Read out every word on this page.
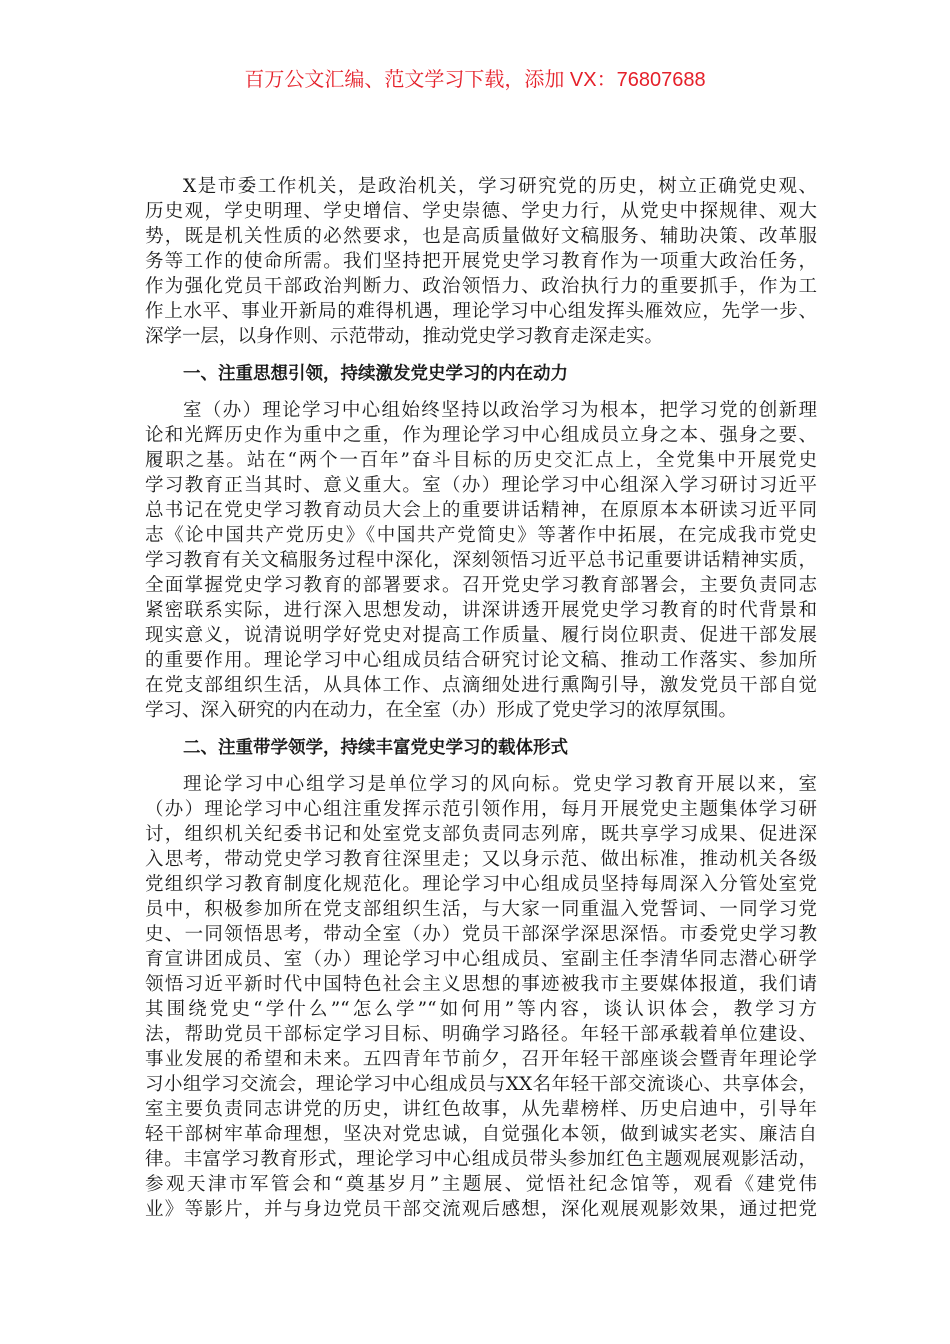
百万公文汇编、范文学习下载，添加 VX：76807688
X是市委工作机关，是政治机关，学习研究党的历史，树立正确党史观、
历史观，学史明理、学史增信、学史崇德、学史力行，从党史中探规律、观大
势，既是机关性质的必然要求，也是高质量做好文稿服务、辅助决策、改革服
务等工作的使命所需。我们坚持把开展党史学习教育作为一项重大政治任务，
作为强化党员干部政治判断力、政治领悟力、政治执行力的重要抓手，作为工
作上水平、事业开新局的难得机遇，理论学习中心组发挥头雁效应，先学一步、
深学一层，以身作则、示范带动，推动党史学习教育走深走实。
一、注重思想引领，持续激发党史学习的内在动力
室（办）理论学习中心组始终坚持以政治学习为根本，把学习党的创新理
论和光辉历史作为重中之重，作为理论学习中心组成员立身之本、强身之要、
履职之基。站在“两个一百年”奋斗目标的历史交汇点上，全党集中开展党史
学习教育正当其时、意义重大。室（办）理论学习中心组深入学习研讨习近平
总书记在党史学习教育动员大会上的重要讲话精神，在原原本本研读习近平同
志《论中国共产党历史》《中国共产党简史》等著作中拓展，在完成我市党史
学习教育有关文稿服务过程中深化，深刻领悟习近平总书记重要讲话精神实质，
全面掌握党史学习教育的部署要求。召开党史学习教育部署会，主要负责同志
紧密联系实际，进行深入思想发动，讲深讲透开展党史学习教育的时代背景和
现实意义，说清说明学好党史对提高工作质量、履行岗位职责、促进干部发展
的重要作用。理论学习中心组成员结合研究讨论文稿、推动工作落实、参加所
在党支部组织生活，从具体工作、点滴细处进行熏陶引导，激发党员干部自觉
学习、深入研究的内在动力，在全室（办）形成了党史学习的浓厚氛围。
二、注重带学领学，持续丰富党史学习的载体形式
理论学习中心组学习是单位学习的风向标。党史学习教育开展以来，室
（办）理论学习中心组注重发挥示范引领作用，每月开展党史主题集体学习研
讨，组织机关纪委书记和处室党支部负责同志列席，既共享学习成果、促进深
入思考，带动党史学习教育往深里走；又以身示范、做出标准，推动机关各级
党组织学习教育制度化规范化。理论学习中心组成员坚持每周深入分管处室党
员中，积极参加所在党支部组织生活，与大家一同重温入党誓词、一同学习党
史、一同领悟思考，带动全室（办）党员干部深学深思深悟。市委党史学习教
育宣讲团成员、室（办）理论学习中心组成员、室副主任李清华同志潜心研学
领悟习近平新时代中国特色社会主义思想的事迹被我市主要媒体报道，我们请
其围绕党史“学什么”“怎么学”“如何用”等内容，谈认识体会，教学习方
法，帮助党员干部标定学习目标、明确学习路径。年轻干部承载着单位建设、
事业发展的希望和未来。五四青年节前夕，召开年轻干部座谈会暨青年理论学
习小组学习交流会，理论学习中心组成员与XX名年轻干部交流谈心、共享体会，
室主要负责同志讲党的历史，讲红色故事，从先辈榜样、历史启迪中，引导年
轻干部树牢革命理想，坚决对党忠诚，自觉强化本领，做到诚实老实、廉洁自
律。丰富学习教育形式，理论学习中心组成员带头参加红色主题观展观影活动，
参观天津市军管会和“奠基岁月”主题展、觉悟社纪念馆等，观看《建党伟
业》等影片，并与身边党员干部交流观后感想，深化观展观影效果，通过把党
